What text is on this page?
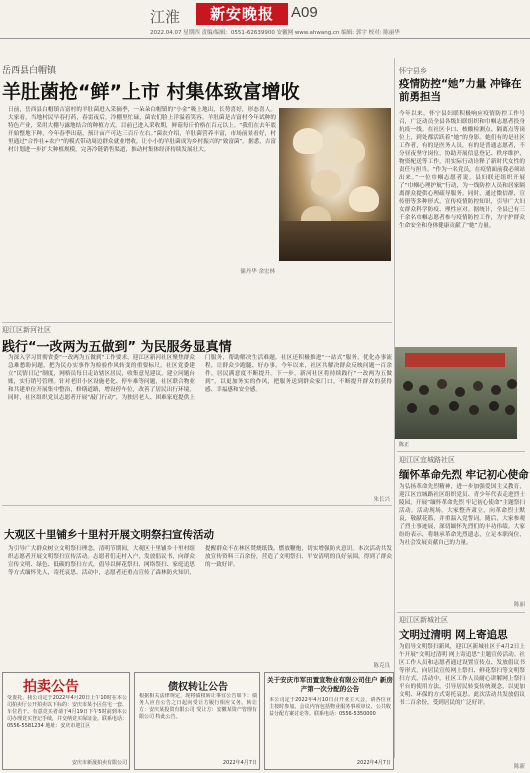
江淮	新安晚报	A09
2022.04.07 星期四 责编/编辑：0551-62639900 安徽网 www.ahwang.cn 编辑: 郭宇 校对: 陈丽华
岳西县白帽镇
羊肚菌抢“鲜”上市 村集体致富增收
日前，岳西县白帽镇吉富村的羊肚菌进入采摘季，一朵朵白帽镇的“小金”吸上地出，长势喜好，形态喜人。大家看，当地村民早春打药，春雷夜后，冷棚里忙碌，菌农们脸上洋溢着笑容。羊肚菌是吉富村今年试种的特色产业，采用大棚与露地结合的种植方式，目前已进入采收期，鲜菇每斤价格在百元以上。“我们在去年底开始整地下种，今年春季出菇，预计亩产可达三百斤左右。”菌农介绍，羊肚菌营养丰富，市场前景看好，村里通过“合作社+农户”的模式带动周边群众就业增收，让小小的羊肚菌成为乡村振兴的“致富菌”。据悉，吉富村计划进一步扩大种植规模，完善冷链销售渠道，推动村集体经济持续发展壮大。
储丹华 余宏林
迎江区新河社区
践行“一改两为五做到” 为民服务显真情
为深入学习贯彻省委“一改两为五做到”工作要求，迎江区新河社区聚焦群众急难愁盼问题，把为民办实事作为检验作风转变的重要标尺。社区党委建立“民情日记”制度，网格员每日走访辖区居民，收集意见建议，建立问题台账，实行销号管理。针对老旧小区设施老化、停车难等问题，社区联合物业和共建单位开展集中整治，修缮道路，增设停车位，改善了居民出行环境。同时，社区组织党员志愿者开展“敲门行动”，为独居老人、困难家庭提供上门服务，帮助解决生活难题。社区还积极推进“一站式”服务，优化办事流程，让群众少跑腿、好办事。今年以来，社区共解决群众反映问题一百余件，居民满意度不断提升。下一步，新河社区将持续践行“一改两为五做到”，以更加务实的作风，把服务送到群众家门口，不断提升群众的获得感、幸福感和安全感。
朱长兴
大观区十里铺乡十里村开展文明祭扫宣传活动
为引导广大群众树立文明祭扫理念，清明节期间，大观区十里铺乡十里村组织志愿者开展文明祭扫宣传活动。志愿者们走村入户，发放倡议书，向群众宣传文明、绿色、低碳的祭扫方式，倡导以鲜花祭扫、网络祭扫、家庭追思等方式缅怀先人，寄托哀思。活动中，志愿者还重点宣传了森林防火知识，提醒群众不在林区焚烧纸钱、燃放鞭炮，切实增强防火意识。本次活动共发放宣传资料三百余份，营造了文明祭扫、平安清明的良好氛围，得到了群众的一致好评。
陈克良
怀宁县乡
疫情防控“她”力量 冲锋在前勇担当
今年以来，怀宁县妇联积极响应疫情防控工作号召，广泛动员全县各级妇联组织和巾帼志愿者投身抗疫一线。在社区卡口、核酸检测点、隔离点等岗位上，到处都活跃着“她”的身影。她们有的是社区工作者，有的是医务人员，有的是普通志愿者，不分昼夜坚守岗位，协助开展信息登记、秩序维护、物资配送等工作，用实际行动诠释了新时代女性的责任与担当。“作为一名党员，在疫情面前我必须站出来。”一位巾帼志愿者说。县妇联还组织开展了“巾帼心理护航”行动，为一线防控人员和居家隔离群众提供心理疏导服务。同时，通过微信群、宣传册等多种形式，宣传疫情防控知识，引导广大妇女群众科学防疫、理性应对。据统计，全县已有三千余名巾帼志愿者参与疫情防控工作，为守护群众生命安全和身体健康贡献了“她”力量。
陈正
迎江区宜城路社区
缅怀革命先烈 牢记初心使命
为弘扬革命先烈精神，进一步加强爱国主义教育，迎江区宜城路社区组织党员、青少年代表走进烈士陵园，开展“缅怀革命先烈 牢记初心使命”主题祭扫活动。活动现场，大家整齐肃立，向革命烈士默哀，敬献花篮，并重温入党誓词。随后，大家参观了烈士事迹展，深切缅怀先烈们的丰功伟绩。大家纷纷表示，将继承革命先烈遗志，立足本职岗位，为社会发展贡献自己的力量。
陈丽
迎江区新城社区
文明过清明 网上寄追思
为倡导文明祭扫新风，迎江区新城社区于4月2日上午开展“文明过清明 网上寄追思”主题宣传活动。社区工作人员和志愿者通过设置宣传点、发放倡议书等形式，向居民宣传网上祭扫、鲜花祭扫等文明祭扫方式。活动中，社区工作人员耐心讲解网上祭扫平台的使用方法，引导居民转变传统观念，以更加文明、环保的方式寄托哀思。此次活动共发放倡议书二百余份，受到居民的广泛好评。
陈新
拍卖公告
受委托，我公司定于2022年4月20日上午10时在本公司拍卖厅公开拍卖以下标的：安庆市某小区住宅一套、车位若干。有意竞买者请于4月19日下午5时前到本公司办理竞买登记手续，并交纳竞买保证金。联系电话：0556-5581234 地址：安庆市迎江区
安庆市新晟拍卖有限公司
债权转让公告
根据相关法律规定，现将债权转让事宜公告如下：债务人应自公告之日起向受让方履行相应义务。转让方：安庆某投资有限公司 受让方：安徽某资产管理有限公司 特此公告。
2022年4月7日
关于安庆市军田置宣物业有限公司住户 新房产第一次分配的公告
本公司定于2022年4月10日召开业主大会，请各位业主按时参加。会议内容包括物业服务事项审议、公共收益分配方案讨论等。联系电话：0556-5350000
2022年4月7日
